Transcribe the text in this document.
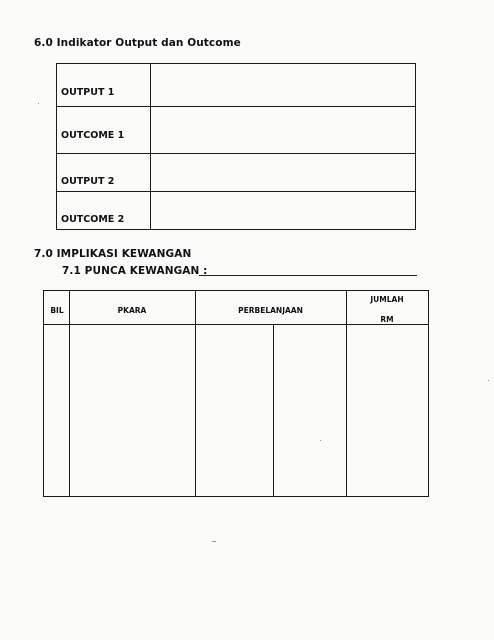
6.0 Indikator Output dan Outcome
OUTPUT 1
OUTCOME 1
OUTPUT 2
OUTCOME 2
7.0 IMPLIKASI KEWANGAN
7.1 PUNCA KEWANGAN :
BIL	PKARA	PERBELANJAAN
JUMLAH
RM
